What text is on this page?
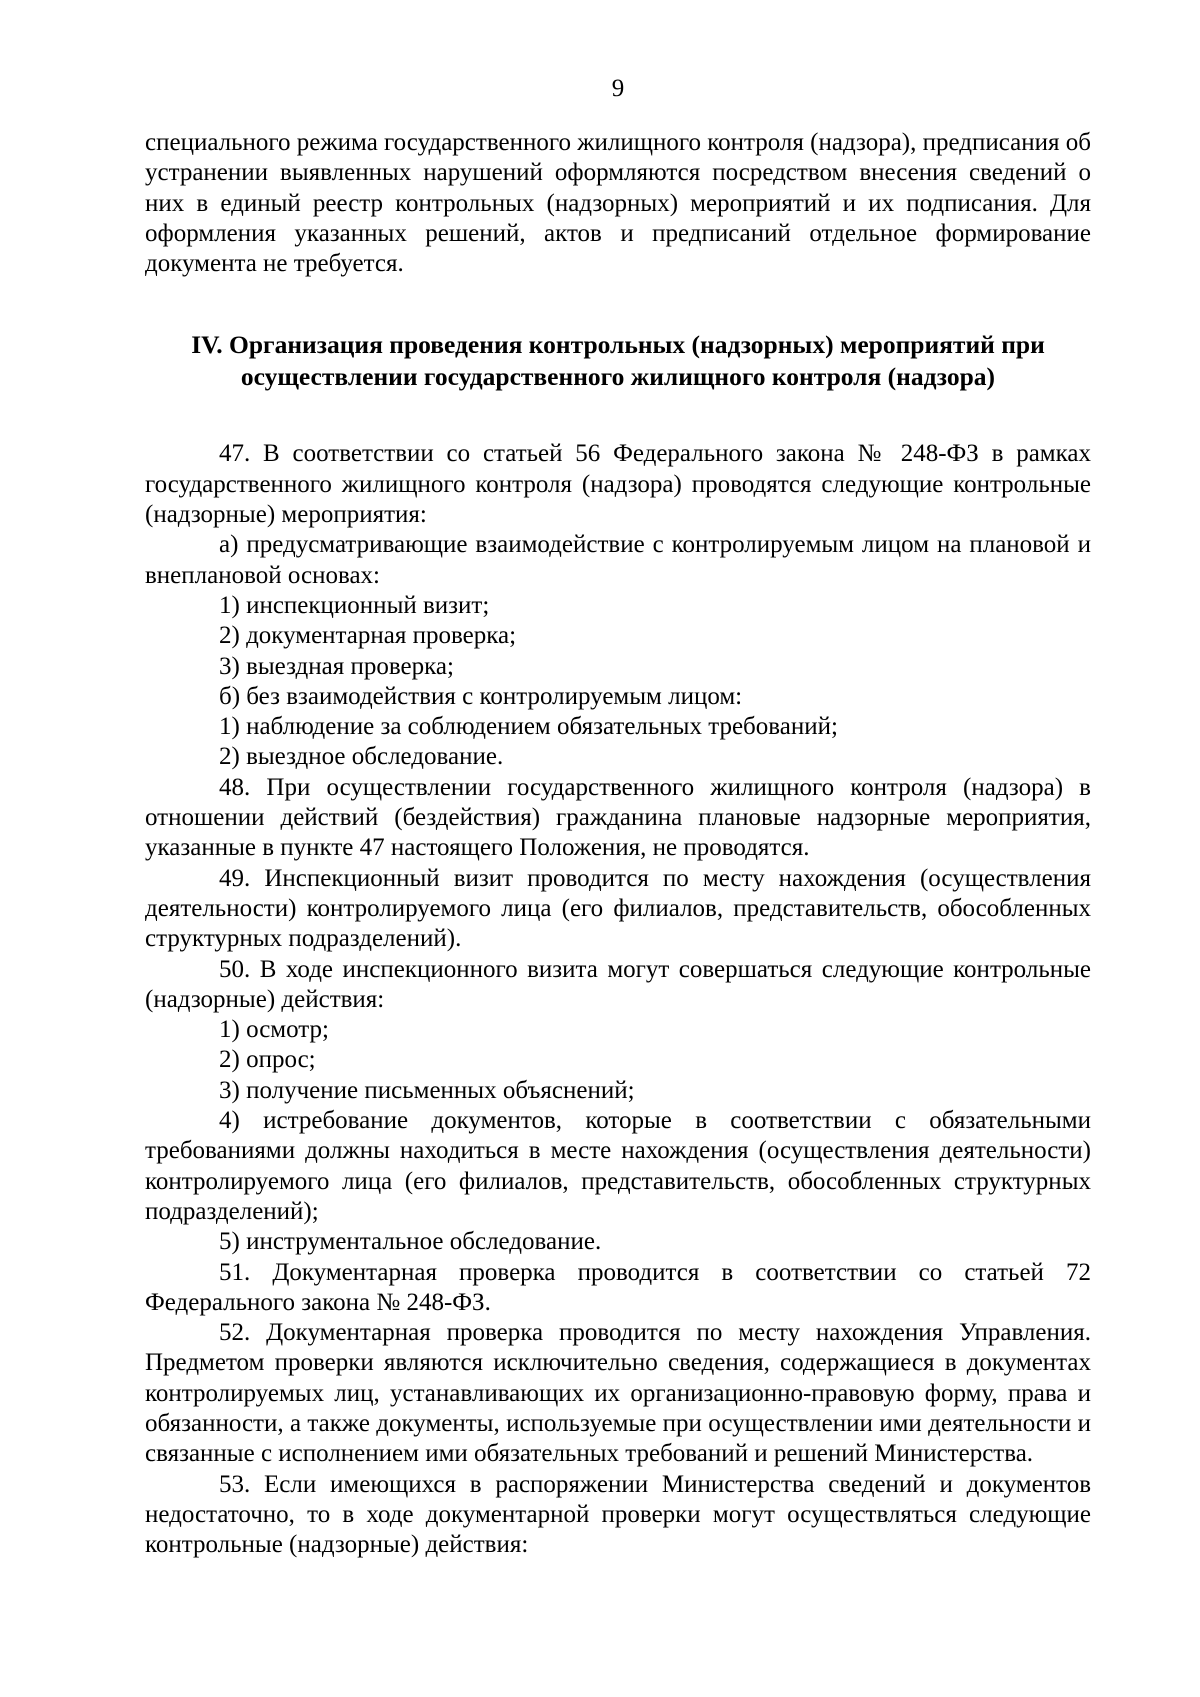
9

специального режима государственного жилищного контроля (надзора), предписания об устранении выявленных нарушений оформляются посредством внесения сведений о них в единый реестр контрольных (надзорных) мероприятий и их подписания. Для оформления указанных решений, актов и предписаний отдельное формирование документа не требуется.

IV. Организация проведения контрольных (надзорных) мероприятий при
осуществлении государственного жилищного контроля (надзора)

47. В соответствии со статьей 56 Федерального закона № 248-ФЗ в рамках государственного жилищного контроля (надзора) проводятся следующие контрольные (надзорные) мероприятия:

а) предусматривающие взаимодействие с контролируемым лицом на плановой и внеплановой основах:

1) инспекционный визит;

2) документарная проверка;

3) выездная проверка;

б) без взаимодействия с контролируемым лицом:

1) наблюдение за соблюдением обязательных требований;

2) выездное обследование.

48. При осуществлении государственного жилищного контроля (надзора) в отношении действий (бездействия) гражданина плановые надзорные мероприятия, указанные в пункте 47 настоящего Положения, не проводятся.

49. Инспекционный визит проводится по месту нахождения (осуществления деятельности) контролируемого лица (его филиалов, представительств, обособленных структурных подразделений).

50. В ходе инспекционного визита могут совершаться следующие контрольные (надзорные) действия:

1) осмотр;

2) опрос;

3) получение письменных объяснений;

4) истребование документов, которые в соответствии с обязательными требованиями должны находиться в месте нахождения (осуществления деятельности) контролируемого лица (его филиалов, представительств, обособленных структурных подразделений);

5) инструментальное обследование.

51. Документарная проверка проводится в соответствии со статьей 72 Федерального закона № 248-ФЗ.

52. Документарная проверка проводится по месту нахождения Управления. Предметом проверки являются исключительно сведения, содержащиеся в документах контролируемых лиц, устанавливающих их организационно-правовую форму, права и обязанности, а также документы, используемые при осуществлении ими деятельности и связанные с исполнением ими обязательных требований и решений Министерства.

53. Если имеющихся в распоряжении Министерства сведений и документов недостаточно, то в ходе документарной проверки могут осуществляться следующие контрольные (надзорные) действия:
